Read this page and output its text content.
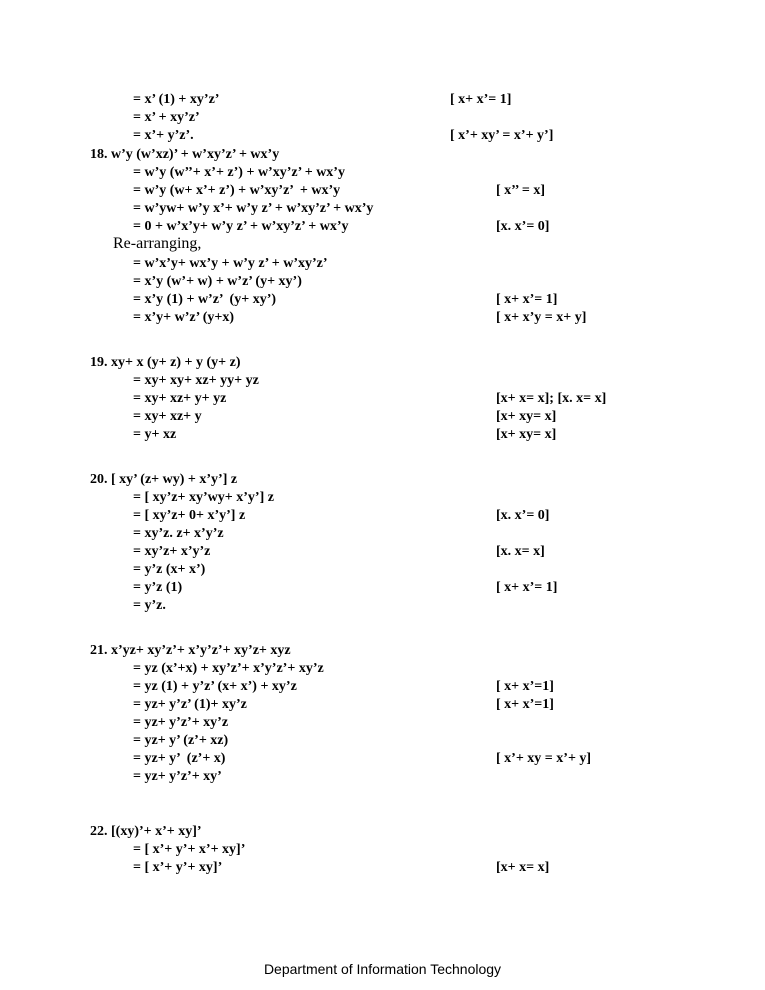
= x’ (1) + xy’z’	[ x+ x’= 1]
= x’ + xy’z’
= x’+ y’z’.	[ x’+ xy’ = x’+ y’]
18. w’y (w’xz)’ + w’xy’z’ + wx’y
= w’y (w’’+ x’+ z’) + w’xy’z’ + wx’y
= w’y (w+ x’+ z’) + w’xy’z’  + wx’y	[ x’’ = x]
= w’yw+ w’y x’+ w’y z’ + w’xy’z’ + wx’y
= 0 + w’x’y+ w’y z’ + w’xy’z’ + wx’y	[x. x’= 0]
Re-arranging,
= w’x’y+ wx’y + w’y z’ + w’xy’z’
= x’y (w’+ w) + w’z’ (y+ xy’)
= x’y (1) + w’z’  (y+ xy’)	[ x+ x’= 1]
= x’y+ w’z’ (y+x)	[ x+ x’y = x+ y]
19. xy+ x (y+ z) + y (y+ z)
= xy+ xy+ xz+ yy+ yz
= xy+ xz+ y+ yz	[x+ x= x]; [x. x= x]
= xy+ xz+ y	[x+ xy= x]
= y+ xz	[x+ xy= x]
20. [ xy’ (z+ wy) + x’y’] z
= [ xy’z+ xy’wy+ x’y’] z
= [ xy’z+ 0+ x’y’] z	[x. x’= 0]
= xy’z. z+ x’y’z
= xy’z+ x’y’z	[x. x= x]
= y’z (x+ x’)
= y’z (1)	[ x+ x’= 1]
= y’z.
21. x’yz+ xy’z’+ x’y’z’+ xy’z+ xyz
= yz (x’+x) + xy’z’+ x’y’z’+ xy’z
= yz (1) + y’z’ (x+ x’) + xy’z	[ x+ x’=1]
= yz+ y’z’ (1)+ xy’z	[ x+ x’=1]
= yz+ y’z’+ xy’z
= yz+ y’ (z’+ xz)
= yz+ y’  (z’+ x)	[ x’+ xy = x’+ y]
= yz+ y’z’+ xy’
22. [(xy)’+ x’+ xy]’
= [ x’+ y’+ x’+ xy]’
= [ x’+ y’+ xy]’	[x+ x= x]
Department of Information Technology
